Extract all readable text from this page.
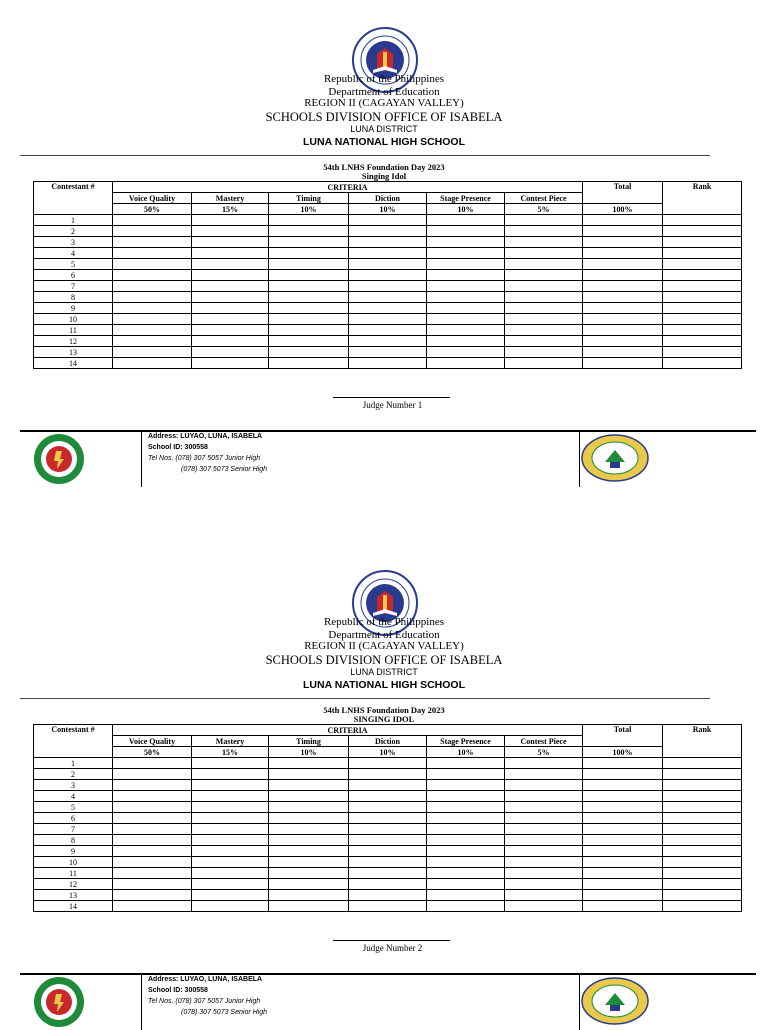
Republic of the Philippines
Department of Education
REGION II (CAGAYAN VALLEY)
SCHOOLS DIVISION OFFICE OF ISABELA
LUNA DISTRICT
LUNA NATIONAL HIGH SCHOOL
54th LNHS Foundation Day 2023
Singing Idol
Contestant #	CRITERIA						Total	Rank
	Voice Quality	Mastery	Timing	Diction	Stage Presence	Contest Piece		
	50%	15%	10%	10%	10%	5%	100%	
1								
2								
3								
4								
5								
6								
7								
8								
9								
10								
11								
12								
13								
14								
Judge Number 1
Address: LUYAO, LUNA, ISABELA
School ID: 300558
Tel Nos. (078) 307 5057 Junior High
(078) 307 5073 Senior High
Republic of the Philippines
Department of Education
REGION II (CAGAYAN VALLEY)
SCHOOLS DIVISION OFFICE OF ISABELA
LUNA DISTRICT
LUNA NATIONAL HIGH SCHOOL
54th LNHS Foundation Day 2023
SINGING IDOL
Contestant #	CRITERIA						Total	Rank
	Voice Quality	Mastery	Timing	Diction	Stage Presence	Contest Piece		
	50%	15%	10%	10%	10%	5%	100%	
1								
2								
3								
4								
5								
6								
7								
8								
9								
10								
11								
12								
13								
14								
Judge Number 2
Address: LUYAO, LUNA, ISABELA
School ID: 300558
Tel Nos. (078) 307 5057 Junior High
(078) 307 5073 Senior High
